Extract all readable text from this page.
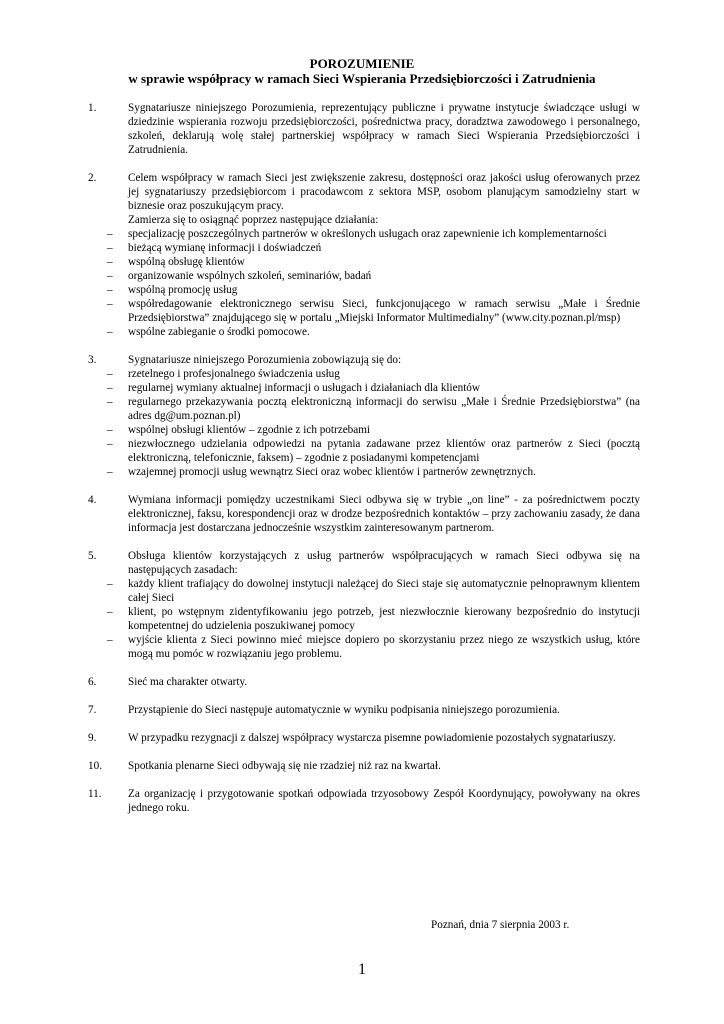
POROZUMIENIE
w sprawie współpracy w ramach Sieci Wspierania Przedsiębiorczości i Zatrudnienia
1.	Sygnatariusze niniejszego Porozumienia, reprezentujący publiczne i prywatne instytucje świadczące usługi w dziedzinie wspierania rozwoju przedsiębiorczości, pośrednictwa pracy, doradztwa zawodowego i personalnego, szkoleń, deklarują wolę stałej partnerskiej współpracy w ramach Sieci Wspierania Przedsiębiorczości i Zatrudnienia.
2.	Celem współpracy w ramach Sieci jest zwiększenie zakresu, dostępności oraz jakości usług oferowanych przez jej sygnatariuszy przedsiębiorcom i pracodawcom z sektora MSP, osobom planującym samodzielny start w biznesie oraz poszukującym pracy.
Zamierza się to osiągnąć poprzez następujące działania:
– specjalizację poszczególnych partnerów w określonych usługach oraz zapewnienie ich komplementarności
– bieżącą wymianę informacji i doświadczeń
– wspólną obsługę klientów
– organizowanie wspólnych szkoleń, seminariów, badań
– wspólną promocję usług
– współredagowanie elektronicznego serwisu Sieci, funkcjonującego w ramach serwisu „Małe i Średnie Przedsiębiorstwa” znajdującego się w portalu „Miejski Informator Multimedialny” (www.city.poznan.pl/msp)
– wspólne zabieganie o środki pomocowe.
3.	Sygnatariusze niniejszego Porozumienia zobowiązują się do:
– rzetelnego i profesjonalnego świadczenia usług
– regularnej wymiany aktualnej informacji o usługach i działaniach dla klientów
– regularnego przekazywania pocztą elektroniczną informacji do serwisu „Małe i Średnie Przedsiębiorstwa” (na adres dg@um.poznan.pl)
– wspólnej obsługi klientów – zgodnie z ich potrzebami
– niezwłocznego udzielania odpowiedzi na pytania zadawane przez klientów oraz partnerów z Sieci (pocztą elektroniczną, telefonicznie, faksem) – zgodnie z posiadanymi kompetencjami
– wzajemnej promocji usług wewnątrz Sieci oraz wobec klientów i partnerów zewnętrznych.
4.	Wymiana informacji pomiędzy uczestnikami Sieci odbywa się w trybie „on line” - za pośrednictwem poczty elektronicznej, faksu, korespondencji oraz w drodze bezpośrednich kontaktów – przy zachowaniu zasady, że dana informacja jest dostarczana jednocześnie wszystkim zainteresowanym partnerom.
5.	Obsługa klientów korzystających z usług partnerów współpracujących w ramach Sieci odbywa się na następujących zasadach:
– każdy klient trafiający do dowolnej instytucji należącej do Sieci staje się automatycznie pełnoprawnym klientem całej Sieci
– klient, po wstępnym zidentyfikowaniu jego potrzeb, jest niezwłocznie kierowany bezpośrednio do instytucji kompetentnej do udzielenia poszukiwanej pomocy
– wyjście klienta z Sieci powinno mieć miejsce dopiero po skorzystaniu przez niego ze wszystkich usług, które mogą mu pomóc w rozwiązaniu jego problemu.
6.	Sieć ma charakter otwarty.
7.	Przystąpienie do Sieci następuje automatycznie w wyniku podpisania niniejszego porozumienia.
9.	W przypadku rezygnacji z dalszej współpracy wystarcza pisemne powiadomienie pozostałych sygnatariuszy.
10. Spotkania plenarne Sieci odbywają się nie rzadziej niż raz na kwartał.
11. Za organizację i przygotowanie spotkań odpowiada trzyosobowy Zespół Koordynujący, powoływany na okres jednego roku.
Poznań, dnia 7 sierpnia 2003 r.
1
